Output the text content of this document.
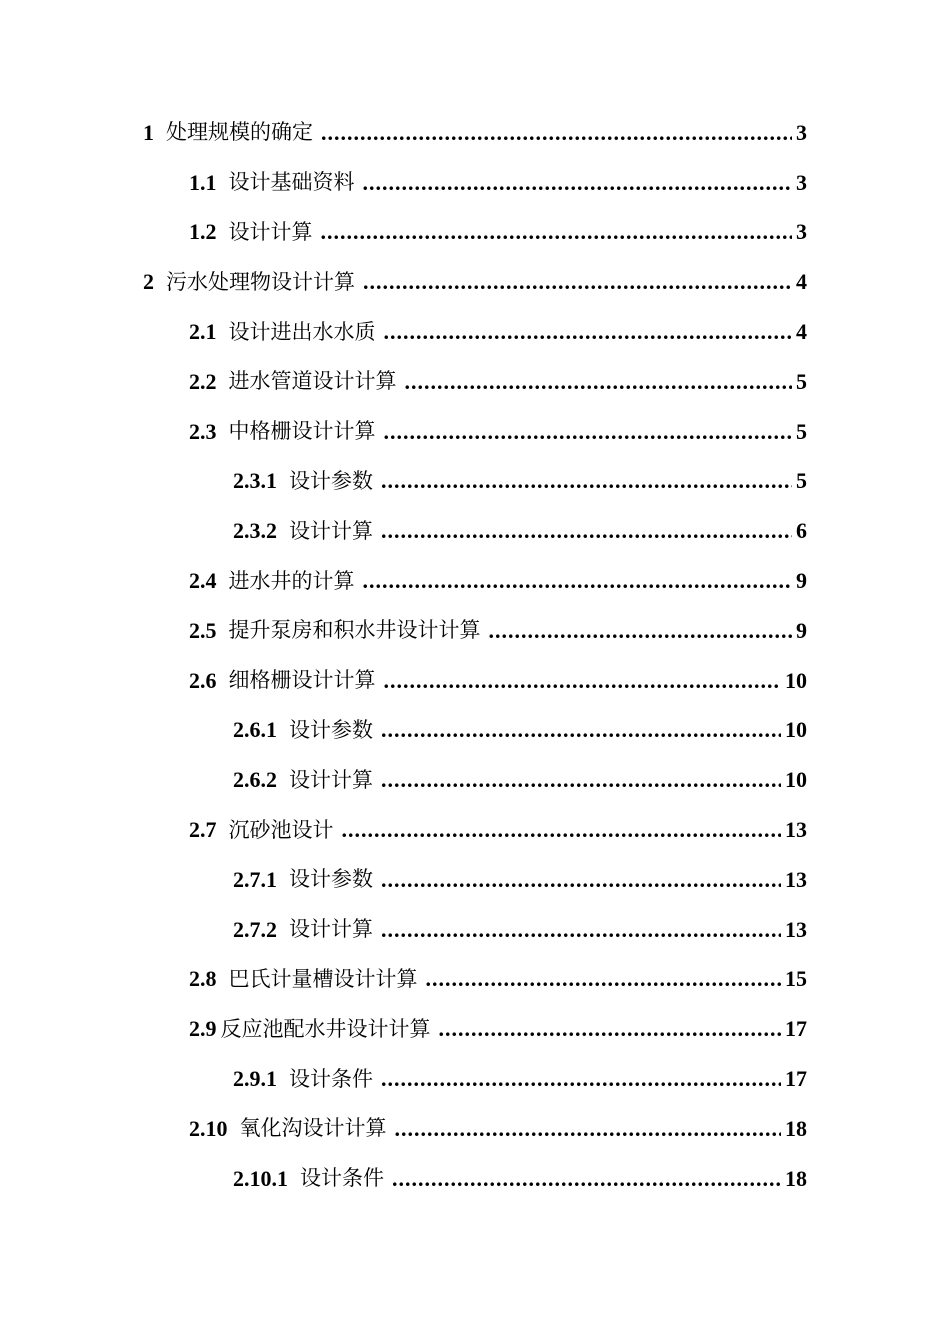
1 处理规模的确定 .....	3
1.1 设计基础资料 .....	3
1.2 设计计算 .....	3
2 污水处理物设计计算 .....	4
2.1 设计进出水水质 .....	4
2.2 进水管道设计计算 .....	5
2.3 中格栅设计计算 .....	5
2.3.1 设计参数 .....	5
2.3.2 设计计算 .....	6
2.4 进水井的计算 .....	9
2.5 提升泵房和积水井设计计算 .....	9
2.6 细格栅设计计算 .....	10
2.6.1 设计参数 .....	10
2.6.2 设计计算 .....	10
2.7 沉砂池设计 .....	13
2.7.1 设计参数 .....	13
2.7.2 设计计算 .....	13
2.8 巴氏计量槽设计计算 .....	15
2.9 反应池配水井设计计算 .....	17
2.9.1 设计条件 .....	17
2.10 氧化沟设计计算 .....	18
2.10.1 设计条件 .....	18
